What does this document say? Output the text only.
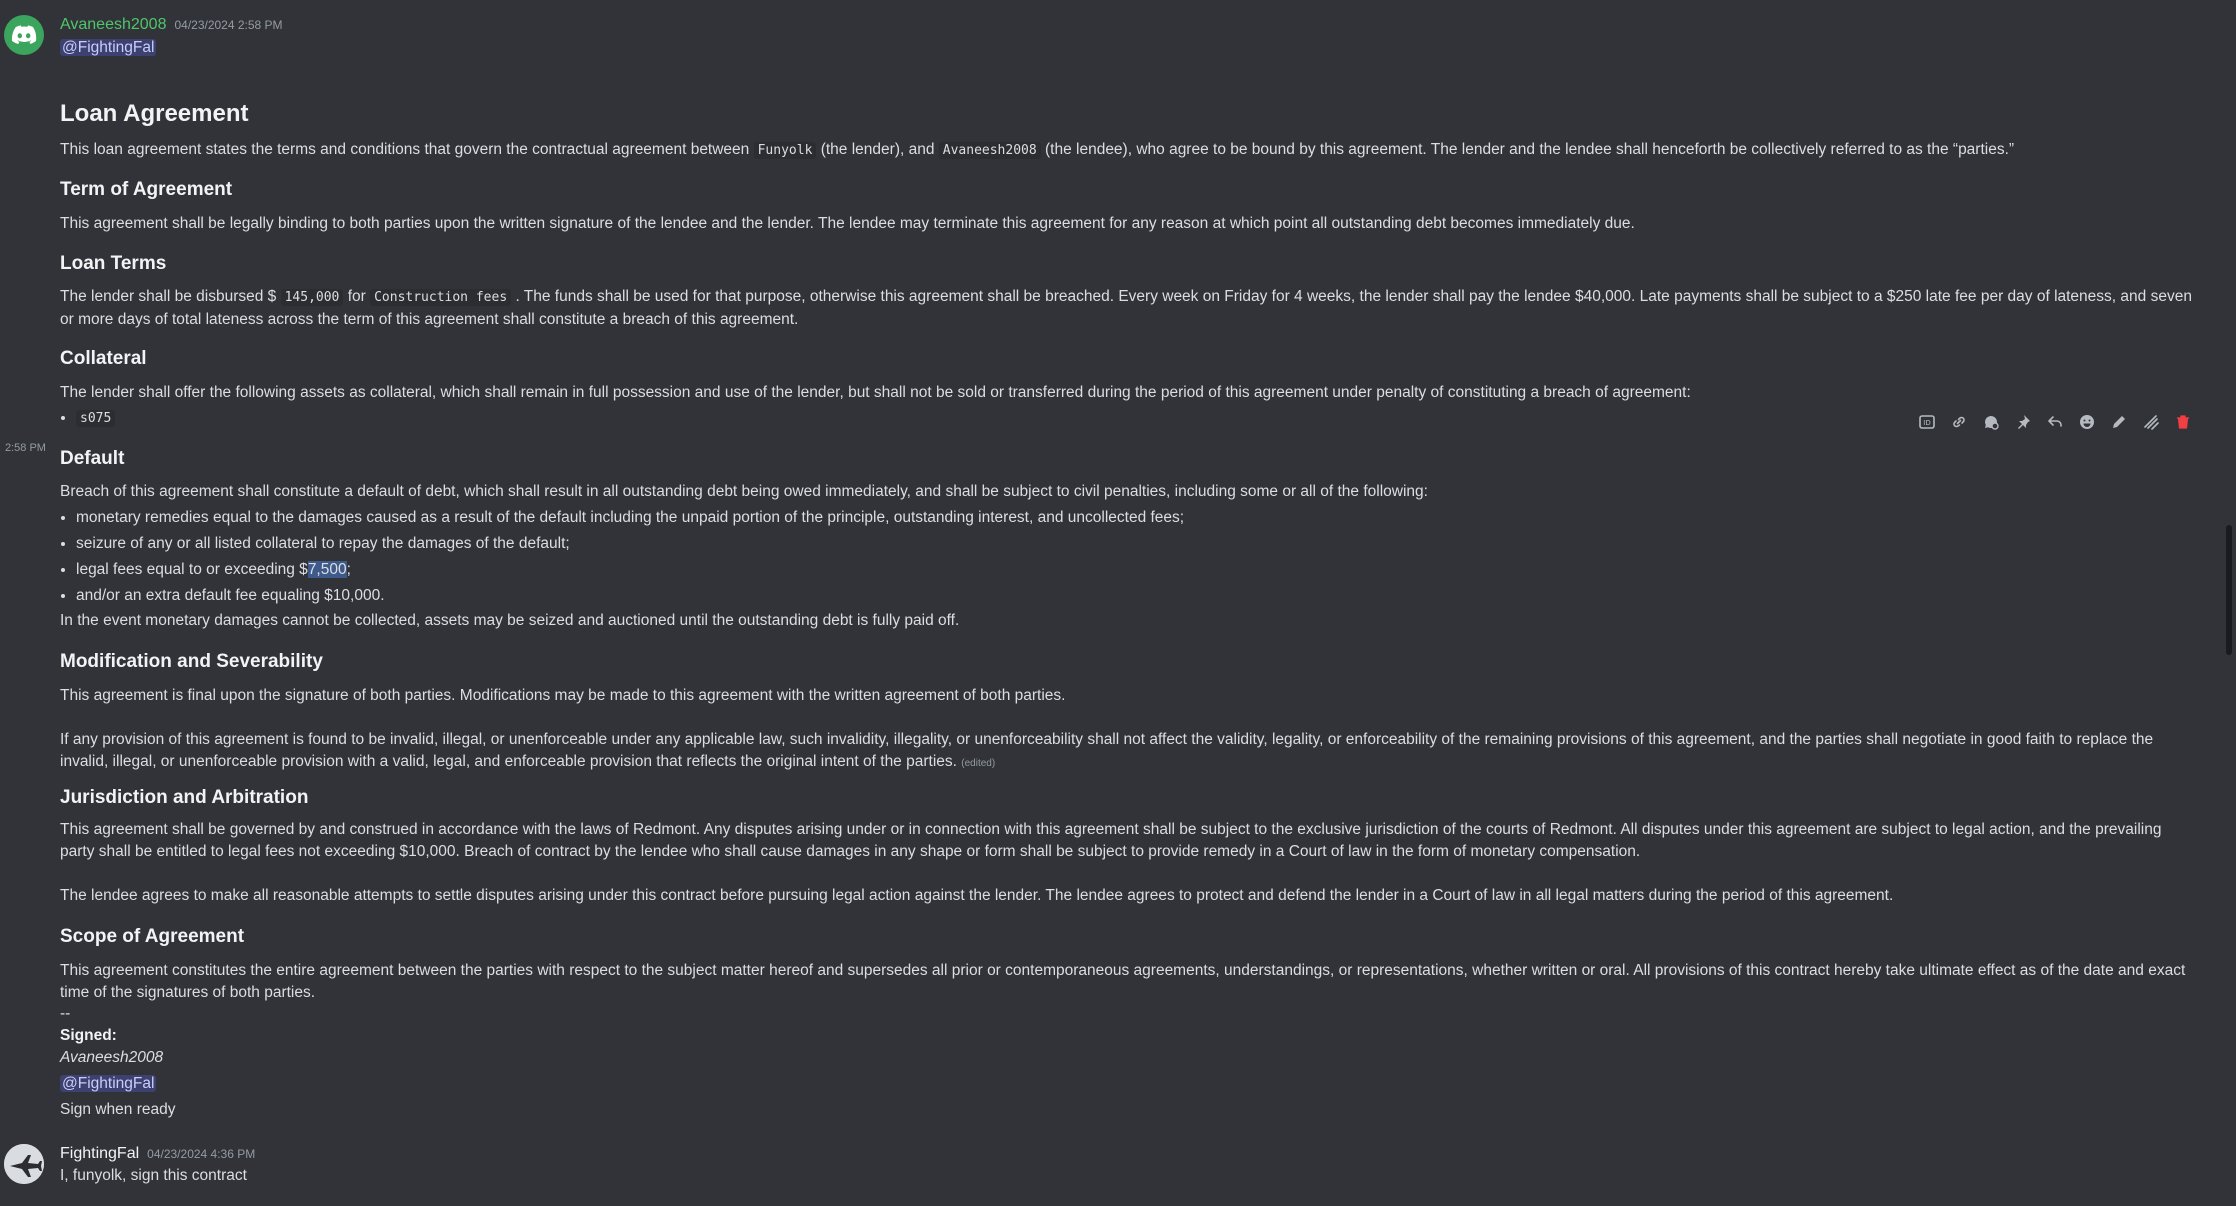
Avaneesh2008 04/23/2024 2:58 PM
@FightingFal
Loan Agreement

This loan agreement states the terms and conditions that govern the contractual agreement between Funyolk (the lender), and Avaneesh2008 (the lendee), who agree to be bound by this agreement. The lender and the lendee shall henceforth be collectively referred to as the “parties.”

Term of Agreement

This agreement shall be legally binding to both parties upon the written signature of the lendee and the lender. The lendee may terminate this agreement for any reason at which point all outstanding debt becomes immediately due.

Loan Terms

The lender shall be disbursed $ 145,000 for Construction fees . The funds shall be used for that purpose, otherwise this agreement shall be breached. Every week on Friday for 4 weeks, the lender shall pay the lendee $40,000. Late payments shall be subject to a $250 late fee per day of lateness, and seven or more days of total lateness across the term of this agreement shall constitute a breach of this agreement.

Collateral

The lender shall offer the following assets as collateral, which shall remain in full possession and use of the lender, but shall not be sold or transferred during the period of this agreement under penalty of constituting a breach of agreement:

• s075
2:58 PM
ID
Default

Breach of this agreement shall constitute a default of debt, which shall result in all outstanding debt being owed immediately, and shall be subject to civil penalties, including some or all of the following:

• monetary remedies equal to the damages caused as a result of the default including the unpaid portion of the principle, outstanding interest, and uncollected fees;
• seizure of any or all listed collateral to repay the damages of the default;
• legal fees equal to or exceeding $7,500;
• and/or an extra default fee equaling $10,000.

In the event monetary damages cannot be collected, assets may be seized and auctioned until the outstanding debt is fully paid off.

Modification and Severability

This agreement is final upon the signature of both parties. Modifications may be made to this agreement with the written agreement of both parties.

If any provision of this agreement is found to be invalid, illegal, or unenforceable under any applicable law, such invalidity, illegality, or unenforceability shall not affect the validity, legality, or enforceability of the remaining provisions of this agreement, and the parties shall negotiate in good faith to replace the invalid, illegal, or unenforceable provision with a valid, legal, and enforceable provision that reflects the original intent of the parties. (edited)

Jurisdiction and Arbitration

This agreement shall be governed by and construed in accordance with the laws of Redmont. Any disputes arising under or in connection with this agreement shall be subject to the exclusive jurisdiction of the courts of Redmont. All disputes under this agreement are subject to legal action, and the prevailing party shall be entitled to legal fees not exceeding $10,000. Breach of contract by the lendee who shall cause damages in any shape or form shall be subject to provide remedy in a Court of law in the form of monetary compensation.

The lendee agrees to make all reasonable attempts to settle disputes arising under this contract before pursuing legal action against the lender. The lendee agrees to protect and defend the lender in a Court of law in all legal matters during the period of this agreement.

Scope of Agreement

This agreement constitutes the entire agreement between the parties with respect to the subject matter hereof and supersedes all prior or contemporaneous agreements, understandings, or representations, whether written or oral. All provisions of this contract hereby take ultimate effect as of the date and exact time of the signatures of both parties.

--

Signed:

Avaneesh2008

@FightingFal

Sign when ready

FightingFal 04/23/2024 4:36 PM

I, funyolk, sign this contract
